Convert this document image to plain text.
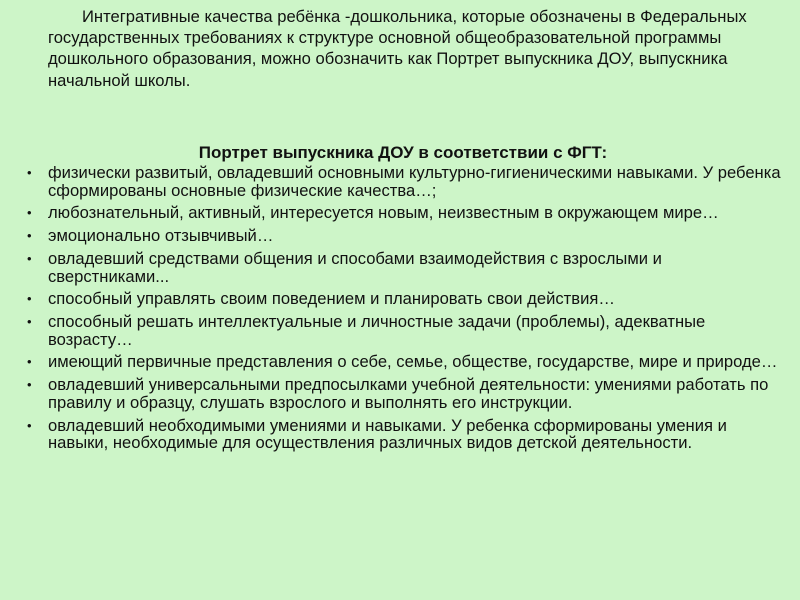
Интегративные качества ребёнка -дошкольника, которые обозначены в Федеральных государственных требованиях к структуре основной общеобразовательной программы дошкольного образования, можно обозначить как Портрет выпускника ДОУ, выпускника начальной школы.

Портрет выпускника ДОУ в соответствии с ФГТ:

• физически развитый, овладевший основными культурно-гигиеническими навыками. У ребенка сформированы основные физические качества…;
• любознательный, активный, интересуется новым, неизвестным в окружающем мире…
• эмоционально отзывчивый…
• овладевший средствами общения и способами взаимодействия с взрослыми и сверстниками...
• способный управлять своим поведением и планировать свои действия…
• способный решать интеллектуальные и личностные задачи (проблемы), адекватные возрасту…
• имеющий первичные представления о себе, семье, обществе, государстве, мире и природе…
• овладевший универсальными предпосылками учебной деятельности: умениями работать по правилу и образцу, слушать взрослого и выполнять его инструкции.
• овладевший необходимыми умениями и навыками. У ребенка сформированы умения и навыки, необходимые для осуществления различных видов детской деятельности.
